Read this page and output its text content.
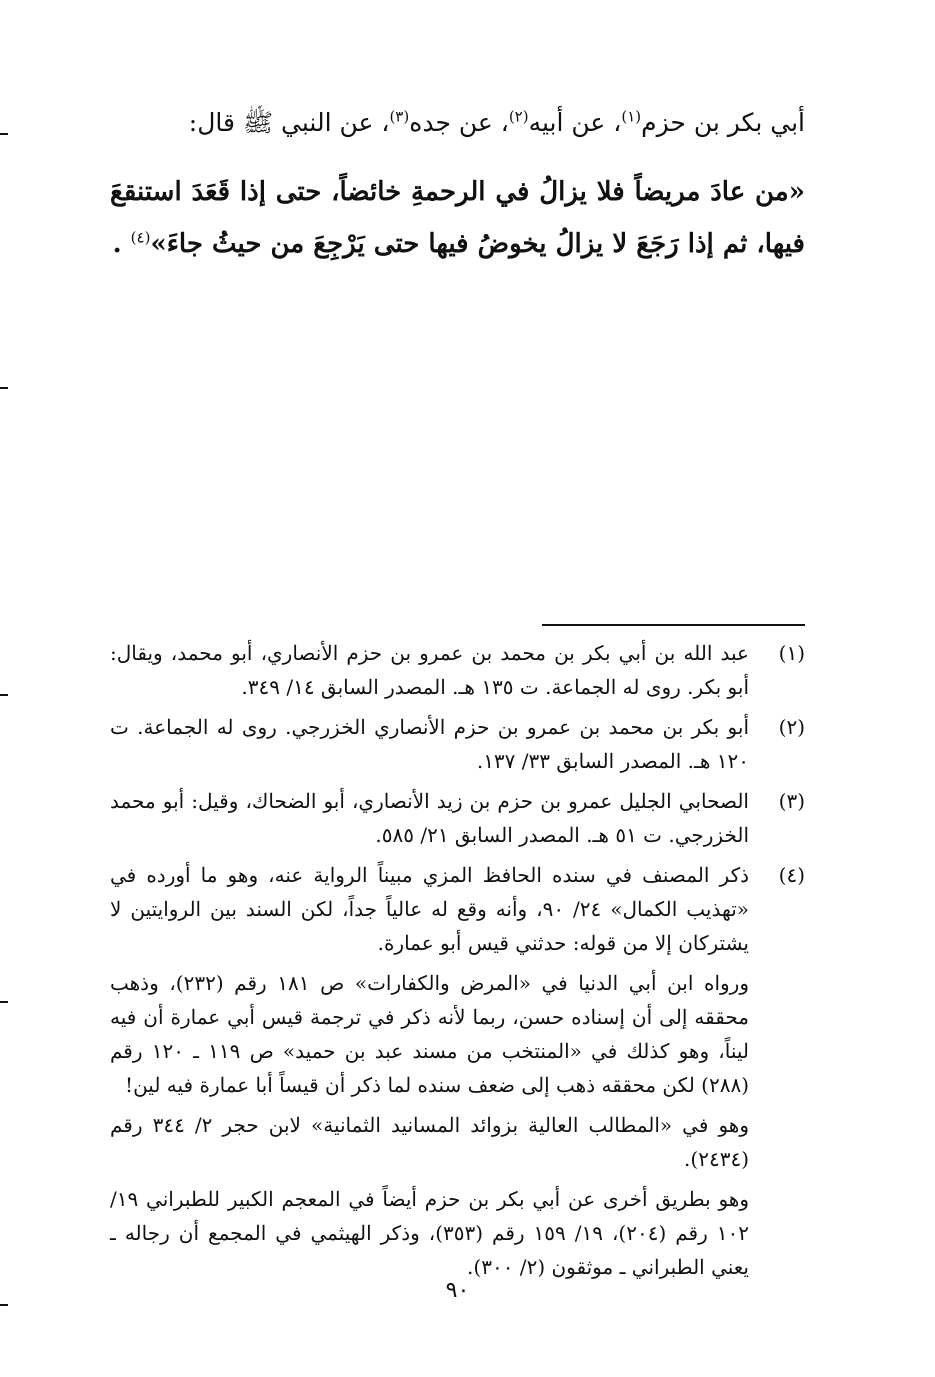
أبي بكر بن حزم$^{(١)}$، عن أبيه$^{(٢)}$، عن جده$^{(٣)}$، عن النبي ﷺ قال:

«من عادَ مريضاً فلا يزالُ في الرحمةِ خائضاً، حتى إذا قَعَدَ استنقعَ فيها، ثم إذا رَجَعَ لا يزالُ يخوضُ فيها حتى يَرْجِعَ من حيثُ جاءَ»$^{(٤)}$ .

(١)
عبد الله بن أبي بكر بن محمد بن عمرو بن حزم الأنصاري، أبو محمد، ويقال: أبو بكر. روى له الجماعة. ت ١٣٥ هـ. المصدر السابق ١٤/ ٣٤٩.
(٢)
أبو بكر بن محمد بن عمرو بن حزم الأنصاري الخزرجي. روى له الجماعة. ت ١٢٠ هـ. المصدر السابق ٣٣/ ١٣٧.
(٣)
الصحابي الجليل عمرو بن حزم بن زيد الأنصاري، أبو الضحاك، وقيل: أبو محمد الخزرجي. ت ٥١ هـ. المصدر السابق ٢١/ ٥٨٥.
(٤)
ذكر المصنف في سنده الحافظ المزي مبيناً الرواية عنه، وهو ما أورده في «تهذيب الكمال» ٢٤/ ٩٠، وأنه وقع له عالياً جداً، لكن السند بين الروايتين لا يشتركان إلا من قوله: حدثني قيس أبو عمارة.

ورواه ابن أبي الدنيا في «المرض والكفارات» ص ١٨١ رقم (٢٣٢)، وذهب محققه إلى أن إسناده حسن، ربما لأنه ذكر في ترجمة قيس أبي عمارة أن فيه ليناً، وهو كذلك في «المنتخب من مسند عبد بن حميد» ص ١١٩ ـ ١٢٠ رقم (٢٨٨) لكن محققه ذهب إلى ضعف سنده لما ذكر أن قيساً أبا عمارة فيه لين!

وهو في «المطالب العالية بزوائد المسانيد الثمانية» لابن حجر ٢/ ٣٤٤ رقم (٢٤٣٤).

وهو بطريق أخرى عن أبي بكر بن حزم أيضاً في المعجم الكبير للطبراني ١٩/ ١٠٢ رقم (٢٠٤)، ١٩/ ١٥٩ رقم (٣٥٣)، وذكر الهيثمي في المجمع أن رجاله ـ يعني الطبراني ـ موثقون (٢/ ٣٠٠).

٩٠
